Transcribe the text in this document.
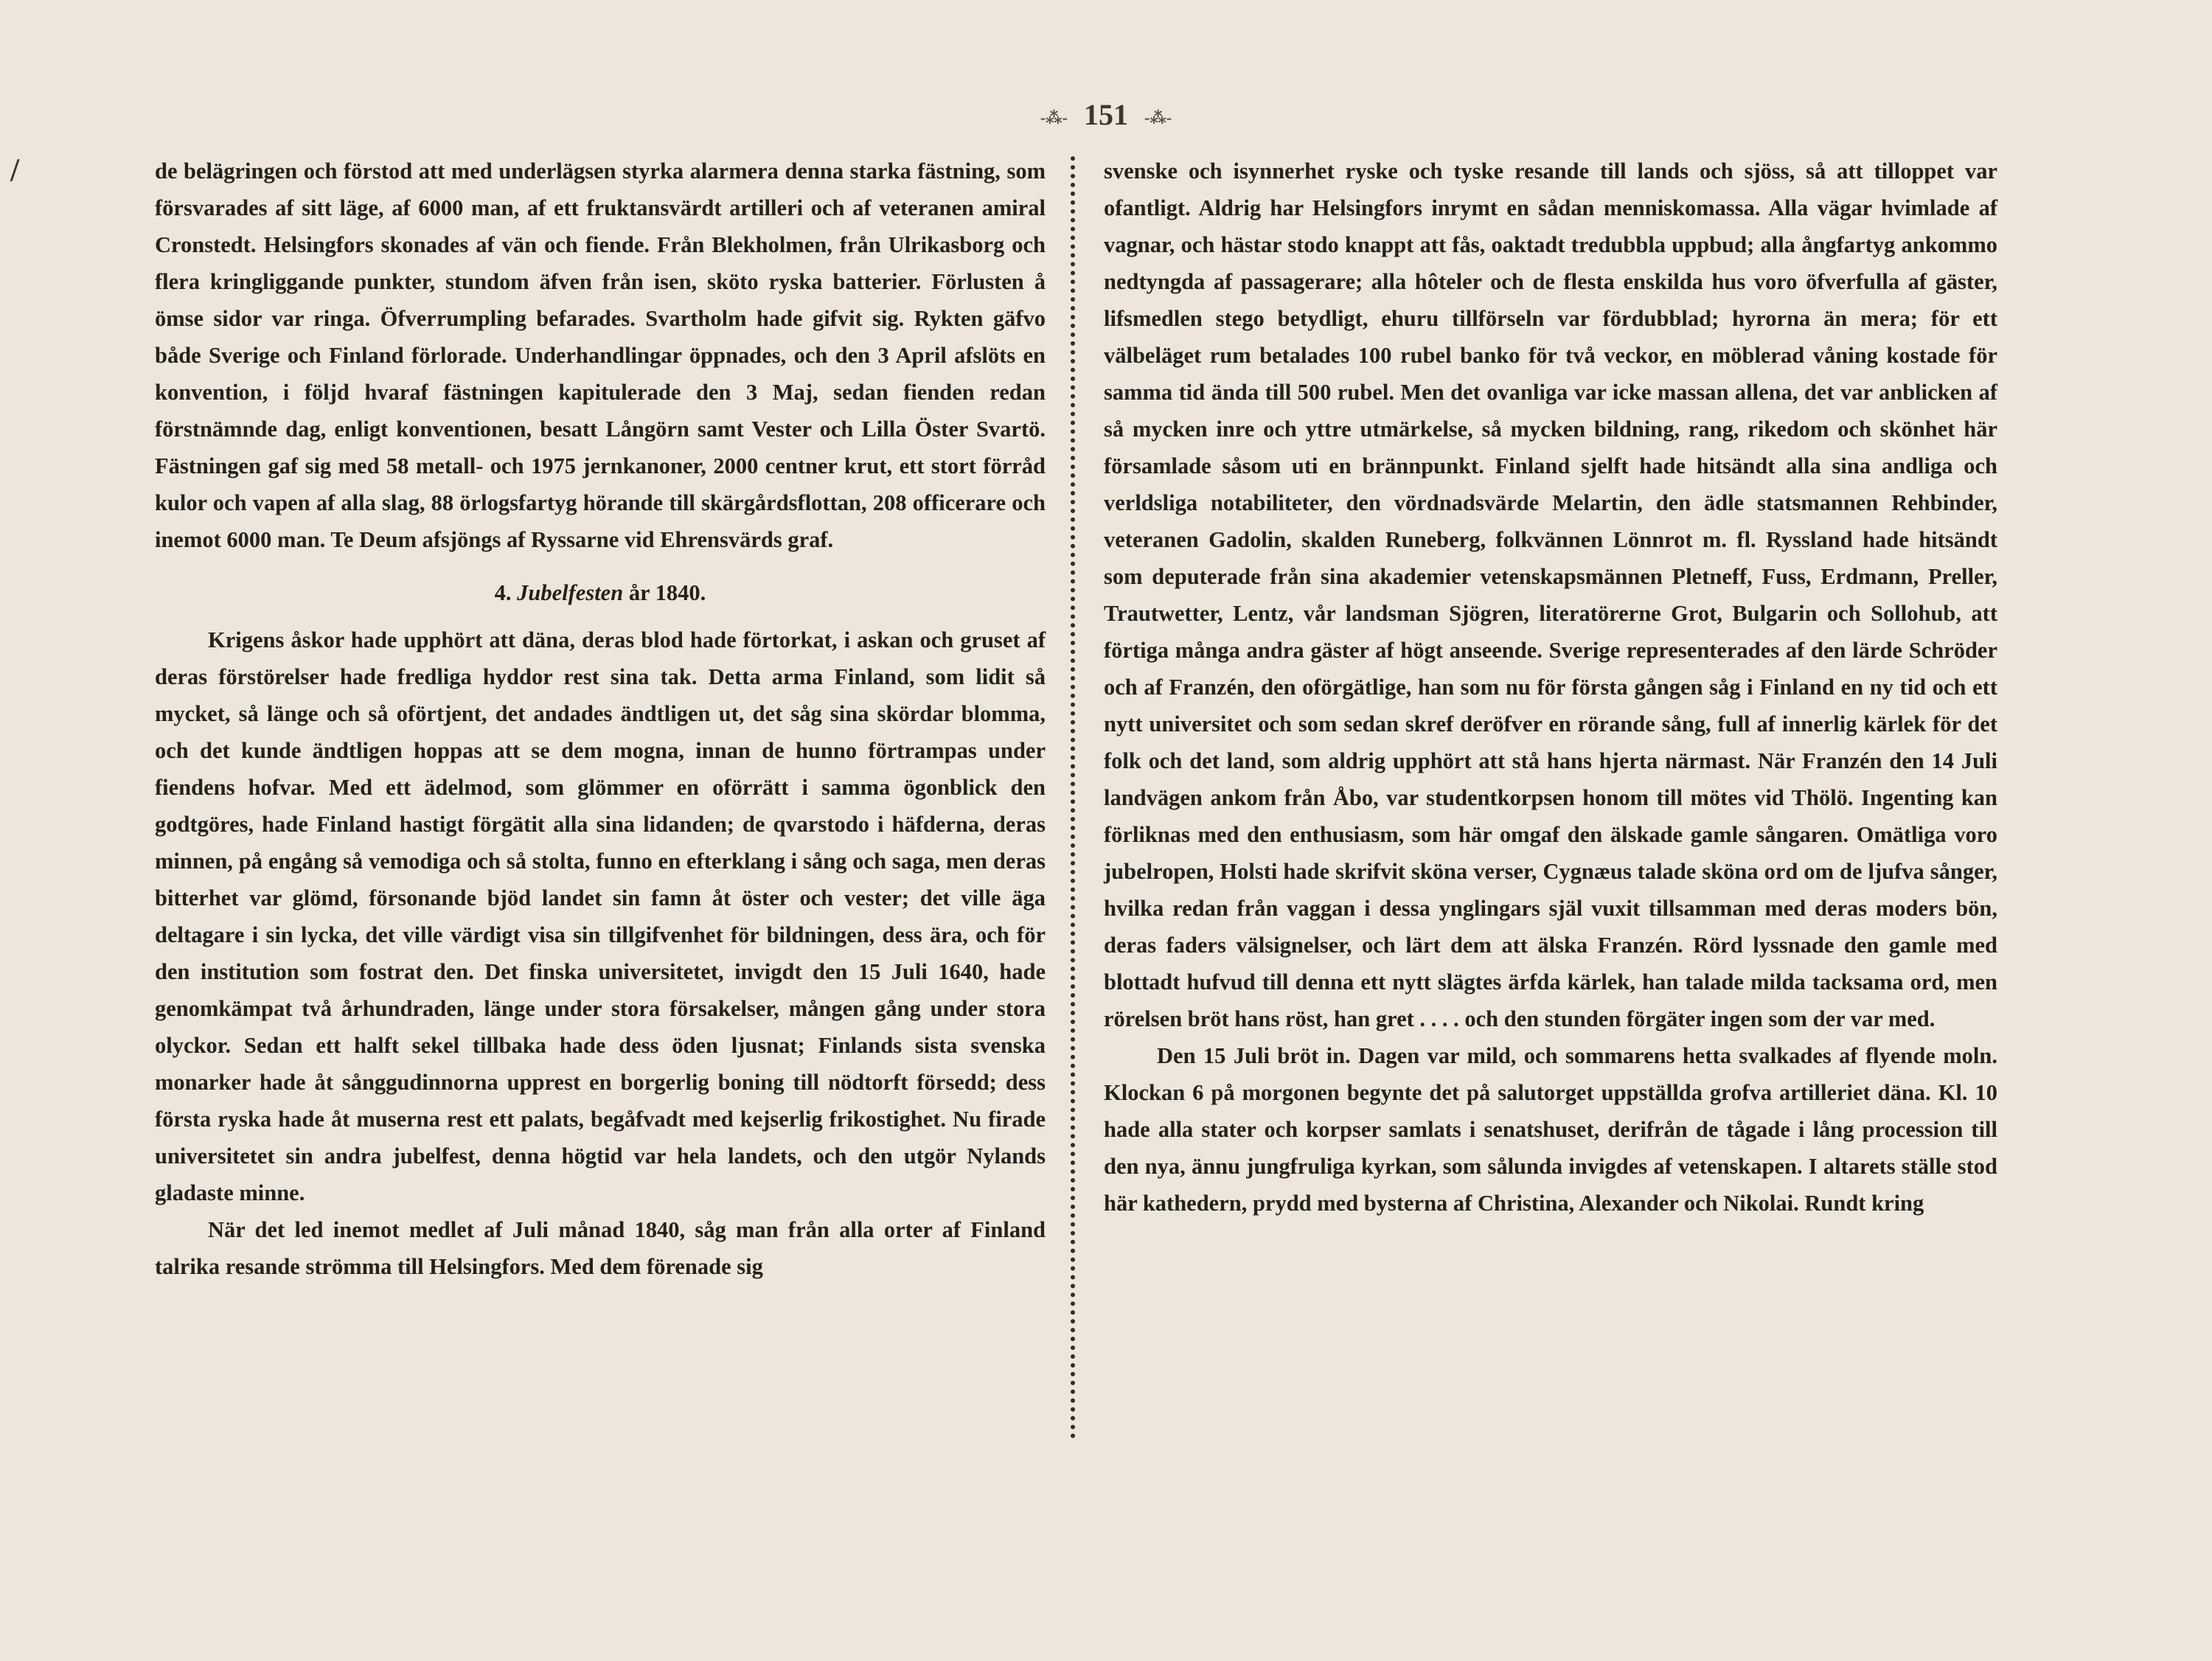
-⁂- 151 -⁂-

de belägringen och förstod att med underlägsen styrka alarmera denna starka fästning, som försvarades af sitt läge, af 6000 man, af ett fruktansvärdt artilleri och af veteranen amiral Cronstedt. Helsingfors skonades af vän och fiende. Från Blekholmen, från Ulrikasborg och flera kringliggande punkter, stundom äfven från isen, sköto ryska batterier. Förlusten å ömse sidor var ringa. Öfverrumpling befarades. Svartholm hade gifvit sig. Rykten gäfvo både Sverige och Finland förlorade. Underhandlingar öppnades, och den 3 April afslöts en konvention, i följd hvaraf fästningen kapitulerade den 3 Maj, sedan fienden redan förstnämnde dag, enligt konventionen, besatt Långörn samt Vester och Lilla Öster Svartö. Fästningen gaf sig med 58 metall- och 1975 jernkanoner, 2000 centner krut, ett stort förråd kulor och vapen af alla slag, 88 örlogsfartyg hörande till skärgårdsflottan, 208 officerare och inemot 6000 man. Te Deum afsjöngs af Ryssarne vid Ehrensvärds graf.

4. Jubelfesten år 1840.

Krigens åskor hade upphört att däna, deras blod hade förtorkat, i askan och gruset af deras förstörelser hade fredliga hyddor rest sina tak. Detta arma Finland, som lidit så mycket, så länge och så oförtjent, det andades ändtligen ut, det såg sina skördar blomma, och det kunde ändtligen hoppas att se dem mogna, innan de hunno förtrampas under fiendens hofvar. Med ett ädelmod, som glömmer en oförrätt i samma ögonblick den godtgöres, hade Finland hastigt förgätit alla sina lidanden; de qvarstodo i häfderna, deras minnen, på engång så vemodiga och så stolta, funno en efterklang i sång och saga, men deras bitterhet var glömd, försonande bjöd landet sin famn åt öster och vester; det ville äga deltagare i sin lycka, det ville värdigt visa sin tillgifvenhet för bildningen, dess ära, och för den institution som fostrat den. Det finska universitetet, invigdt den 15 Juli 1640, hade genomkämpat två århundraden, länge under stora försakelser, mången gång under stora olyckor. Sedan ett halft sekel tillbaka hade dess öden ljusnat; Finlands sista svenska monarker hade åt sånggudinnorna upprest en borgerlig boning till nödtorft försedd; dess första ryska hade åt muserna rest ett palats, begåfvadt med kejserlig frikostighet. Nu firade universitetet sin andra jubelfest, denna högtid var hela landets, och den utgör Nylands gladaste minne.

När det led inemot medlet af Juli månad 1840, såg man från alla orter af Finland talrika resande strömma till Helsingfors. Med dem förenade sig

svenske och isynnerhet ryske och tyske resande till lands och sjöss, så att tilloppet var ofantligt. Aldrig har Helsingfors inrymt en sådan menniskomassa. Alla vägar hvimlade af vagnar, och hästar stodo knappt att fås, oaktadt tredubbla uppbud; alla ångfartyg ankommo nedtyngda af passagerare; alla hôteler och de flesta enskilda hus voro öfverfulla af gäster, lifsmedlen stego betydligt, ehuru tillförseln var fördubblad; hyrorna än mera; för ett välbeläget rum betalades 100 rubel banko för två veckor, en möblerad våning kostade för samma tid ända till 500 rubel. Men det ovanliga var icke massan allena, det var anblicken af så mycken inre och yttre utmärkelse, så mycken bildning, rang, rikedom och skönhet här församlade såsom uti en brännpunkt. Finland sjelft hade hitsändt alla sina andliga och verldsliga notabiliteter, den vördnadsvärde Melartin, den ädle statsmannen Rehbinder, veteranen Gadolin, skalden Runeberg, folkvännen Lönnrot m. fl. Ryssland hade hitsändt som deputerade från sina akademier vetenskapsmännen Pletneff, Fuss, Erdmann, Preller, Trautwetter, Lentz, vår landsman Sjögren, literatörerne Grot, Bulgarin och Sollohub, att förtiga många andra gäster af högt anseende. Sverige representerades af den lärde Schröder och af Franzén, den oförgätlige, han som nu för första gången såg i Finland en ny tid och ett nytt universitet och som sedan skref deröfver en rörande sång, full af innerlig kärlek för det folk och det land, som aldrig upphört att stå hans hjerta närmast. När Franzén den 14 Juli landvägen ankom från Åbo, var studentkorpsen honom till mötes vid Thölö. Ingenting kan förliknas med den enthusiasm, som här omgaf den älskade gamle sångaren. Omätliga voro jubelropen, Holsti hade skrifvit sköna verser, Cygnæus talade sköna ord om de ljufva sånger, hvilka redan från vaggan i dessa ynglingars själ vuxit tillsamman med deras moders bön, deras faders välsignelser, och lärt dem att älska Franzén. Rörd lyssnade den gamle med blottadt hufvud till denna ett nytt slägtes ärfda kärlek, han talade milda tacksama ord, men rörelsen bröt hans röst, han gret . . . . och den stunden förgäter ingen som der var med.

Den 15 Juli bröt in. Dagen var mild, och sommarens hetta svalkades af flyende moln. Klockan 6 på morgonen begynte det på salutorget uppställda grofva artilleriet däna. Kl. 10 hade alla stater och korpser samlats i senatshuset, derifrån de tågade i lång procession till den nya, ännu jungfruliga kyrkan, som sålunda invigdes af vetenskapen. I altarets ställe stod här kathedern, prydd med bysterna af Christina, Alexander och Nikolai. Rundt kring

/
